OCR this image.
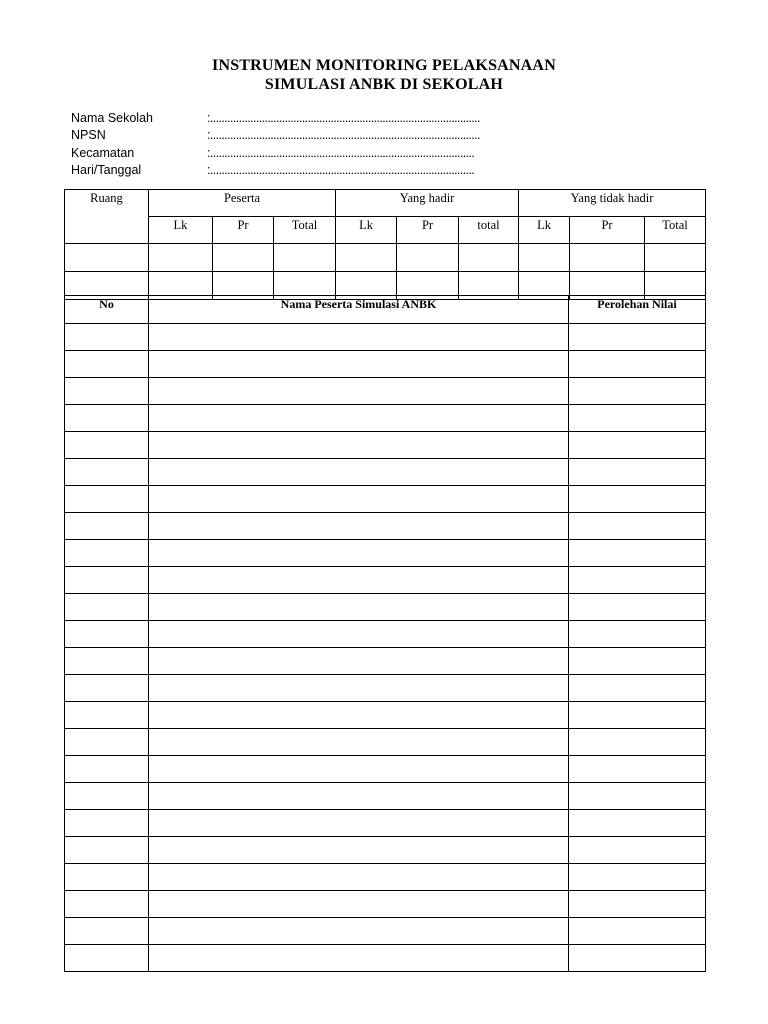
INSTRUMEN MONITORING PELAKSANAAN
SIMULASI ANBK DI SEKOLAH
Nama Sekolah	:..............................................................................................
NPSN	:..............................................................................................
Kecamatan	:............................................................................................
Hari/Tanggal	:............................................................................................
Ruang	Peserta			Yang hadir			Yang tidak hadir		
	Lk	Pr	Total	Lk	Pr	total	Lk	Pr	Total

No	Nama Peserta Simulasi ANBK	Perolehan Nilai
